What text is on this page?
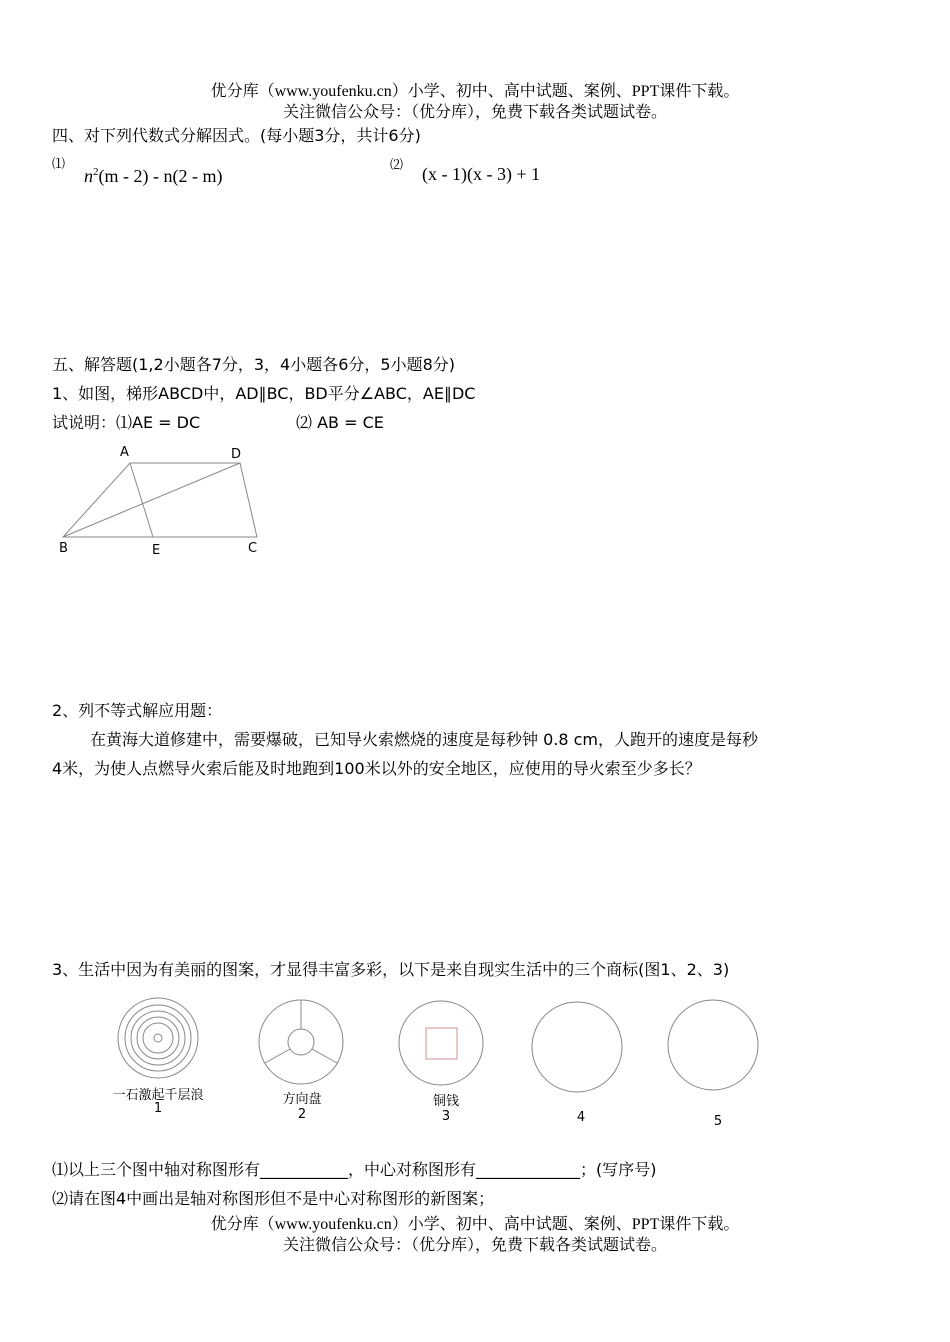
优分库（www.youfenku.cn）小学、初中、高中试题、案例、PPT课件下载。
关注微信公众号：（优分库），免费下载各类试题试卷。
四、对下列代数式分解因式。(每小题3分，共计6分)
⑴
$n^2(m - 2) - n(2 - m)$
⑵ (x - 1)(x - 3) + 1
五、解答题(1,2小题各7分，3，4小题各6分，5小题8分)
1、如图，梯形ABCD中，AD∥BC，BD平分∠ABC，AE∥DC
试说明：⑴AE = DC	⑵ AB = CE
A	D
B	E	C
2、列不等式解应用题：
在黄海大道修建中，需要爆破，已知导火索燃烧的速度是每秒钟 0.8 cm，人跑开的速度是每秒
4米，为使人点燃导火索后能及时地跑到100米以外的安全地区，应使用的导火索至少多长？
3、生活中因为有美丽的图案，才显得丰富多彩，以下是来自现实生活中的三个商标(图1、2、3)
一石激起千层浪
1
方向盘
2
铜钱
3	4	5
⑴以上三个图中轴对称图形有___________，中心对称图形有_____________；(写序号)
⑵请在图4中画出是轴对称图形但不是中心对称图形的新图案；
优分库（www.youfenku.cn）小学、初中、高中试题、案例、PPT课件下载。
关注微信公众号：（优分库），免费下载各类试题试卷。
